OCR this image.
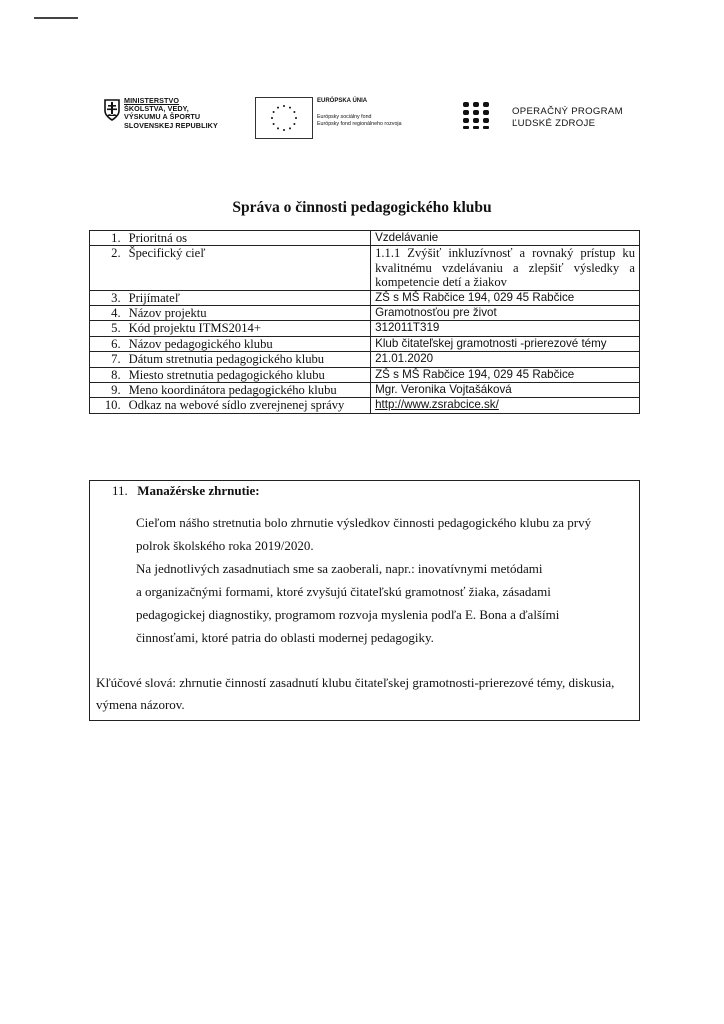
MINISTERSTVO
ŠKOLSTVA, VEDY,
VÝSKUMU A ŠPORTU
SLOVENSKEJ REPUBLIKY
EURÓPSKA ÚNIA
Európsky sociálny fond
Európsky fond regionálneho rozvoja
OPERAČNÝ PROGRAM
ĽUDSKÉ ZDROJE
Správa o činnosti pedagogického klubu
1.	Prioritná os	Vzdelávanie
2.	Špecifický cieľ	1.1.1 Zvýšiť inkluzívnosť a rovnaký prístup ku kvalitnému vzdelávaniu a zlepšiť výsledky a kompetencie detí a žiakov
3.	Prijímateľ	ZŠ s MŠ Rabčice 194, 029 45 Rabčice
4.	Názov projektu	Gramotnosťou pre život
5.	Kód projektu ITMS2014+	312011T319
6.	Názov pedagogického klubu	Klub čitateľskej gramotnosti -prierezové témy
7.	Dátum stretnutia pedagogického klubu	21.01.2020
8.	Miesto stretnutia pedagogického klubu	ZŠ s MŠ Rabčice 194, 029 45 Rabčice
9.	Meno koordinátora pedagogického klubu	Mgr. Veronika Vojtašáková
10.	Odkaz na webové sídlo zverejnenej správy	http://www.zsrabcice.sk/
11. Manažérske zhrnutie:
Cieľom nášho stretnutia bolo zhrnutie výsledkov činnosti pedagogického klubu za prvý
polrok školského roka 2019/2020.
Na jednotlivých zasadnutiach sme sa zaoberali, napr.: inovatívnymi metódami
a organizačnými formami, ktoré zvyšujú čitateľskú gramotnosť žiaka, zásadami
pedagogickej diagnostiky, programom rozvoja myslenia podľa E. Bona a ďalšími
činnosťami, ktoré patria do oblasti modernej pedagogiky.
Kľúčové slová: zhrnutie činností zasadnutí klubu čitateľskej gramotnosti-prierezové témy, diskusia,
výmena názorov.
